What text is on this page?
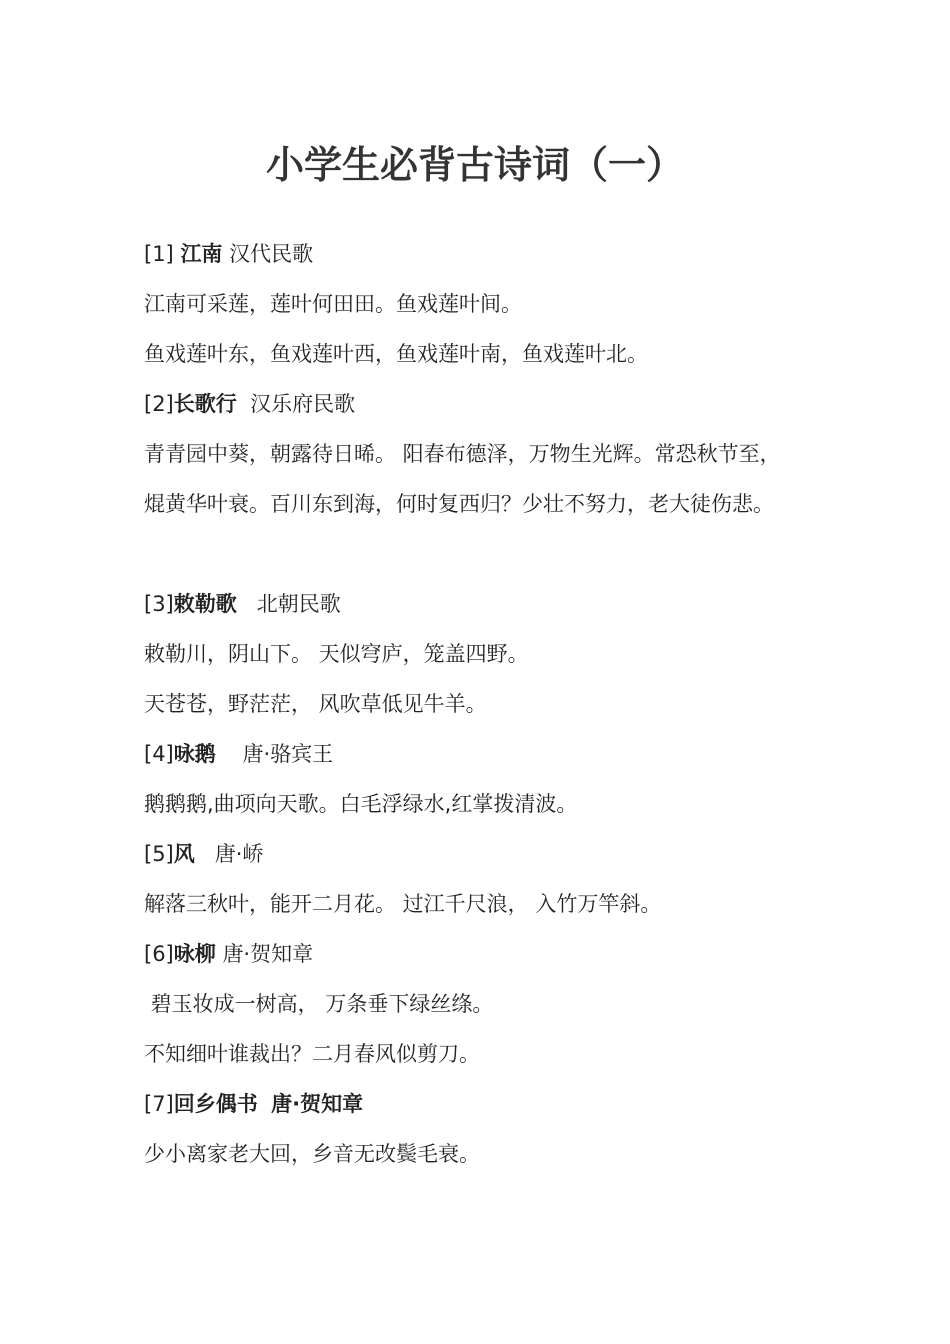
小学生必背古诗词（一）
[1] 江南 汉代民歌
江南可采莲，莲叶何田田。鱼戏莲叶间。
鱼戏莲叶东，鱼戏莲叶西，鱼戏莲叶南，鱼戏莲叶北。
[2]长歌行 汉乐府民歌
青青园中葵，朝露待日晞。 阳春布德泽，万物生光辉。常恐秋节至，
焜黄华叶衰。百川东到海，何时复西归？少壮不努力，老大徒伤悲。
[3]敕勒歌 北朝民歌
敕勒川，阴山下。 天似穹庐，笼盖四野。
天苍苍，野茫茫， 风吹草低见牛羊。
[4]咏鹅 唐·骆宾王
鹅鹅鹅,曲项向天歌。白毛浮绿水,红掌拨清波。
[5]风 唐·峤
解落三秋叶，能开二月花。 过江千尺浪， 入竹万竿斜。
[6]咏柳 唐·贺知章
碧玉妆成一树高， 万条垂下绿丝绦。
不知细叶谁裁出？二月春风似剪刀。
[7]回乡偶书 唐·贺知章
少小离家老大回，乡音无改鬓毛衰。
